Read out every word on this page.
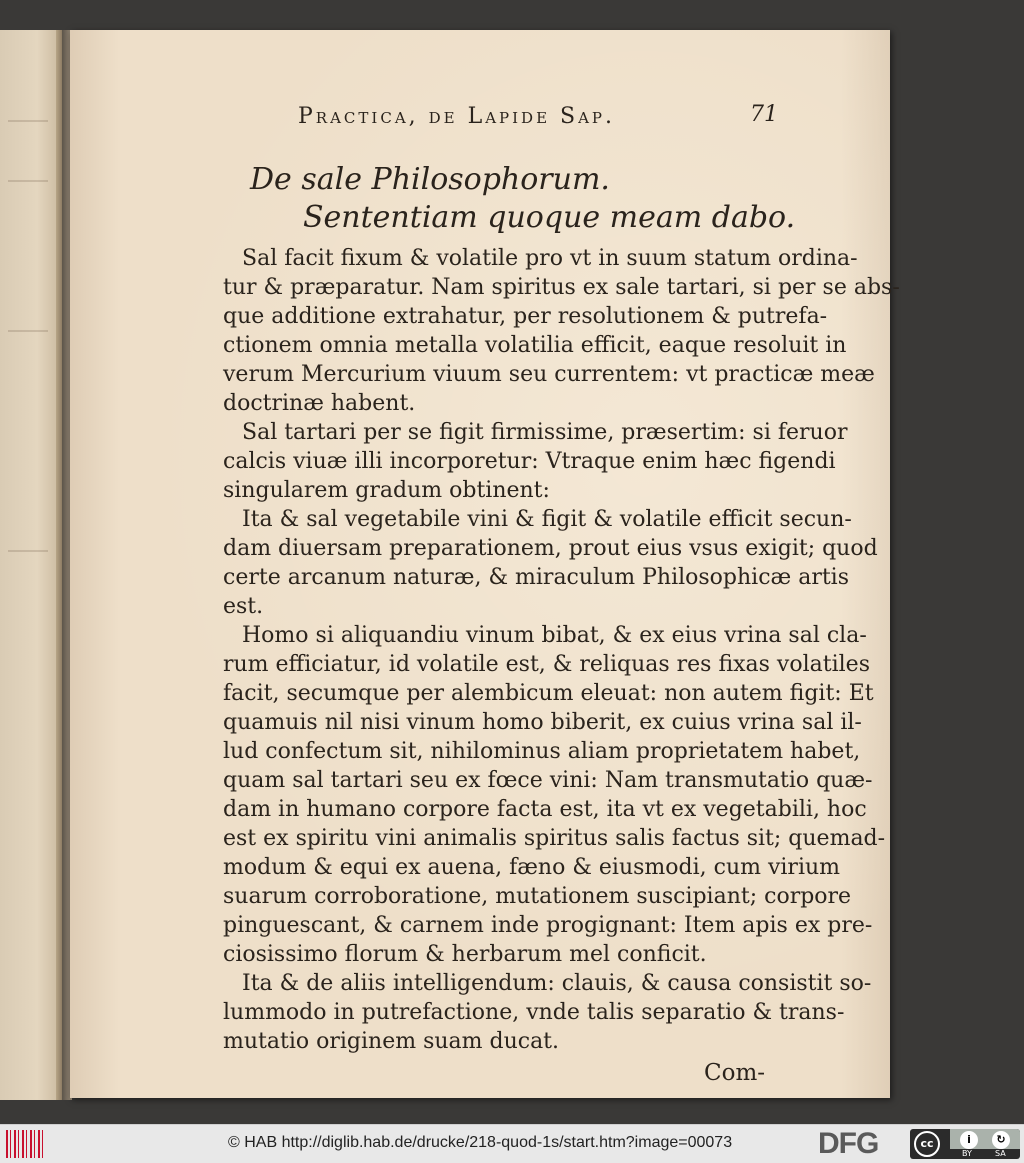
Practica, de Lapide Sap.	71
De sale Philosophorum.
Sententiam quoque meam dabo.
Sal facit fixum & volatile pro vt in suum statum ordina-
tur & præparatur. Nam spiritus ex sale tartari, si per se abs-
que additione extrahatur, per resolutionem & putrefa-
ctionem omnia metalla volatilia efficit, eaque resoluit in
verum Mercurium viuum seu currentem: vt practicæ meæ
doctrinæ habent.
Sal tartari per se figit firmissime, præsertim: si feruor
calcis viuæ illi incorporetur: Vtraque enim hæc figendi
singularem gradum obtinent:
Ita & sal vegetabile vini & figit & volatile efficit secun-
dam diuersam preparationem, prout eius vsus exigit; quod
certe arcanum naturæ, & miraculum Philosophicæ artis
est.
Homo si aliquandiu vinum bibat, & ex eius vrina sal cla-
rum efficiatur, id volatile est, & reliquas res fixas volatiles
facit, secumque per alembicum eleuat: non autem figit: Et
quamuis nil nisi vinum homo biberit, ex cuius vrina sal il-
lud confectum sit, nihilominus aliam proprietatem habet,
quam sal tartari seu ex fœce vini: Nam transmutatio quæ-
dam in humano corpore facta est, ita vt ex vegetabili, hoc
est ex spiritu vini animalis spiritus salis factus sit; quemad-
modum & equi ex auena, fæno & eiusmodi, cum virium
suarum corroboratione, mutationem suscipiant; corpore
pinguescant, & carnem inde progignant: Item apis ex pre-
ciosissimo florum & herbarum mel conficit.
Ita & de aliis intelligendum: clauis, & causa consistit so-
lummodo in putrefactione, vnde talis separatio & trans-
mutatio originem suam ducat.
Com-
© HAB http://diglib.hab.de/drucke/218-quod-1s/start.htm?image=00073	DFG	cc	i	↻
BY	SA
